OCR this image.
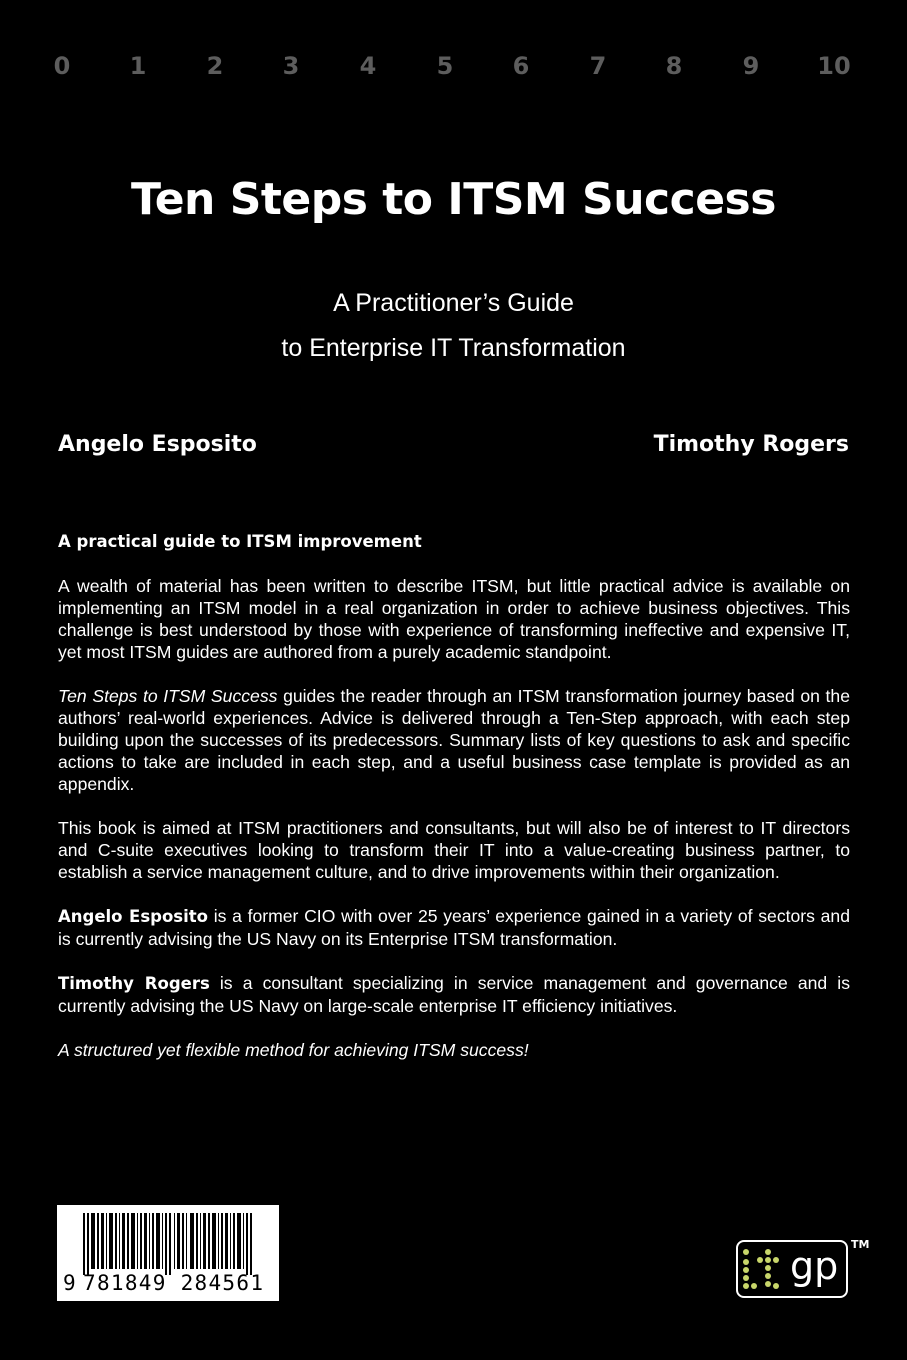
0	1	2	3	4	5	6	7	8	9	10
Ten Steps to ITSM Success
A Practitioner’s Guide
to Enterprise IT Transformation
Angelo Esposito	Timothy Rogers

A practical guide to ITSM improvement

A wealth of material has been written to describe ITSM, but little practical advice is available on implementing an ITSM model in a real organization in order to achieve business objectives. This challenge is best understood by those with experience of transforming ineffective and expensive IT, yet most ITSM guides are authored from a purely academic standpoint.

Ten Steps to ITSM Success guides the reader through an ITSM transformation journey based on the authors’ real-world experiences. Advice is delivered through a Ten-Step approach, with each step building upon the successes of its predecessors. Summary lists of key questions to ask and specific actions to take are included in each step, and a useful business case template is provided as an appendix.

This book is aimed at ITSM practitioners and consultants, but will also be of interest to IT directors and C-suite executives looking to transform their IT into a value-creating business partner, to establish a service management culture, and to drive improvements within their organization.

Angelo Esposito is a former CIO with over 25 years’ experience gained in a variety of sectors and is currently advising the US Navy on its Enterprise ITSM transformation.

Timothy Rogers is a consultant specializing in service management and governance and is currently advising the US Navy on large-scale enterprise IT efficiency initiatives.

A structured yet flexible method for achieving ITSM success!

9 781849 284561	gp TM
